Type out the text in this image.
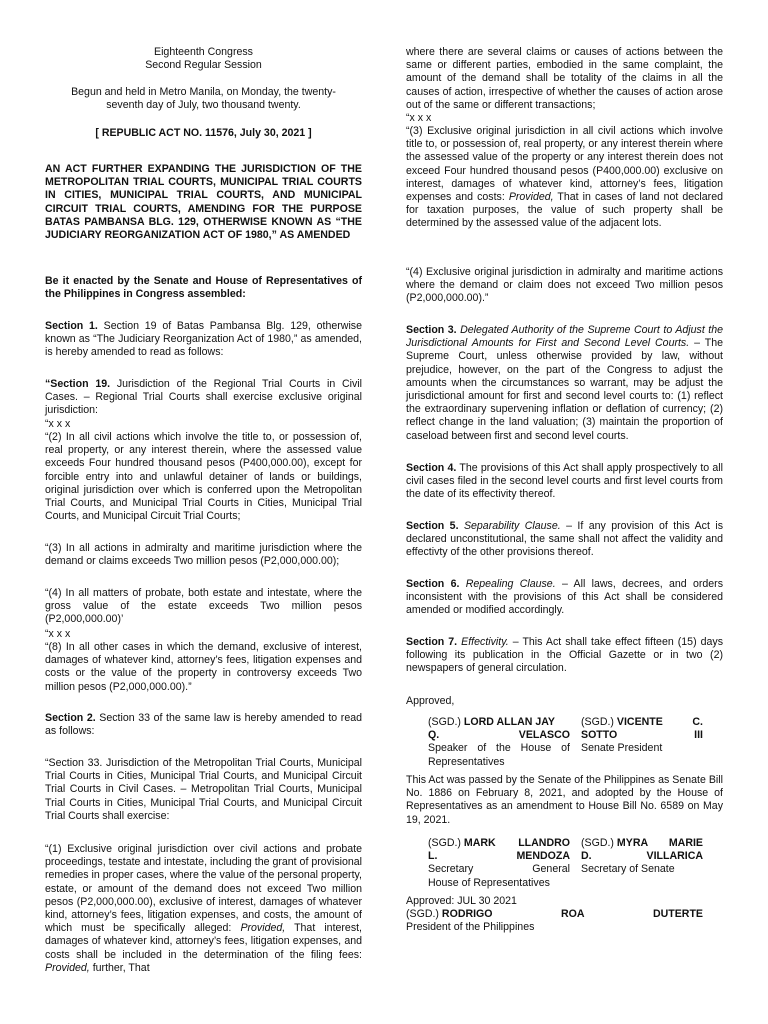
Eighteenth Congress

Second Regular Session

Begun and held in Metro Manila, on Monday, the twenty-seventh day of July, two thousand twenty.

[ REPUBLIC ACT NO. 11576, July 30, 2021 ]

AN ACT FURTHER EXPANDING THE JURISDICTION OF THE METROPOLITAN TRIAL COURTS, MUNICIPAL TRIAL COURTS IN CITIES, MUNICIPAL TRIAL COURTS, AND MUNICIPAL CIRCUIT TRIAL COURTS, AMENDING FOR THE PURPOSE BATAS PAMBANSA BLG. 129, OTHERWISE KNOWN AS “THE JUDICIARY REORGANIZATION ACT OF 1980,” AS AMENDED

Be it enacted by the Senate and House of Representatives of the Philippines in Congress assembled:

Section 1. Section 19 of Batas Pambansa Blg. 129, otherwise known as “The Judiciary Reorganization Act of 1980,” as amended, is hereby amended to read as follows:

“Section 19. Jurisdiction of the Regional Trial Courts in Civil Cases. – Regional Trial Courts shall exercise exclusive original jurisdiction:

“x x x

“(2) In all civil actions which involve the title to, or possession of, real property, or any interest therein, where the assessed value exceeds Four hundred thousand pesos (P400,000.00), except for forcible entry into and unlawful detainer of lands or buildings, original jurisdiction over which is conferred upon the Metropolitan Trial Courts, and Municipal Trial Courts in Cities, Municipal Trial Courts, and Municipal Circuit Trial Courts;

“(3) In all actions in admiralty and maritime jurisdiction where the demand or claims exceeds Two million pesos (P2,000,000.00);

“(4) In all matters of probate, both estate and intestate, where the gross value of the estate exceeds Two million pesos (P2,000,000.00)’

“x x x

“(8) In all other cases in which the demand, exclusive of interest, damages of whatever kind, attorney’s fees, litigation expenses and costs or the value of the property in controversy exceeds Two million pesos (P2,000,000.00).”

Section 2. Section 33 of the same law is hereby amended to read as follows:

“Section 33. Jurisdiction of the Metropolitan Trial Courts, Municipal Trial Courts in Cities, Municipal Trial Courts, and Municipal Circuit Trial Courts in Civil Cases. – Metropolitan Trial Courts, Municipal Trial Courts in Cities, Municipal Trial Courts, and Municipal Circuit Trial Courts shall exercise:

“(1) Exclusive original jurisdiction over civil actions and probate proceedings, testate and intestate, including the grant of provisional remedies in proper cases, where the value of the personal property, estate, or amount of the demand does not exceed Two million pesos (P2,000,000.00), exclusive of interest, damages of whatever kind, attorney’s fees, litigation expenses, and costs, the amount of which must be specifically alleged: Provided, That interest, damages of whatever kind, attorney’s fees, litigation expenses, and costs shall be included in the determination of the filing fees: Provided, further, That

where there are several claims or causes of actions between the same or different parties, embodied in the same complaint, the amount of the demand shall be totality of the claims in all the causes of action, irrespective of whether the causes of action arose out of the same or different transactions;

“x x x

“(3) Exclusive original jurisdiction in all civil actions which involve title to, or possession of, real property, or any interest therein where the assessed value of the property or any interest therein does not exceed Four hundred thousand pesos (P400,000.00) exclusive on interest, damages of whatever kind, attorney’s fees, litigation expenses and costs: Provided, That in cases of land not declared for taxation purposes, the value of such property shall be determined by the assessed value of the adjacent lots.

“(4) Exclusive original jurisdiction in admiralty and maritime actions where the demand or claim does not exceed Two million pesos (P2,000,000.00).”

Section 3. Delegated Authority of the Supreme Court to Adjust the Jurisdictional Amounts for First and Second Level Courts. – The Supreme Court, unless otherwise provided by law, without prejudice, however, on the part of the Congress to adjust the amounts when the circumstances so warrant, may be adjust the jurisdictional amount for first and second level courts to: (1) reflect the extraordinary supervening inflation or deflation of currency; (2) reflect change in the land valuation; (3) maintain the proportion of caseload between first and second level courts.

Section 4. The provisions of this Act shall apply prospectively to all civil cases filed in the second level courts and first level courts from the date of its effectivity thereof.

Section 5. Separability Clause. – If any provision of this Act is declared unconstitutional, the same shall not affect the validity and effectivty of the other provisions thereof.

Section 6. Repealing Clause. – All laws, decrees, and orders inconsistent with the provisions of this Act shall be considered amended or modified accordingly.

Section 7. Effectivity. – This Act shall take effect fifteen (15) days following its publication in the Official Gazette or in two (2) newspapers of general circulation.

Approved,

(SGD.) LORD ALLAN JAY
Q.	VELASCO
Speaker of the House of Representatives
(SGD.) VICENTE	C.
SOTTO	III
Senate President

This Act was passed by the Senate of the Philippines as Senate Bill No. 1886 on February 8, 2021, and adopted by the House of Representatives as an amendment to House Bill No. 6589 on May 19, 2021.

(SGD.) MARK LLANDRO
L.	MENDOZA
Secretary	General
House of Representatives
(SGD.) MYRA MARIE
D.	VILLARICA
Secretary of Senate

Approved: JUL 30 2021

(SGD.) RODRIGO	ROA	DUTERTE
President of the Philippines
